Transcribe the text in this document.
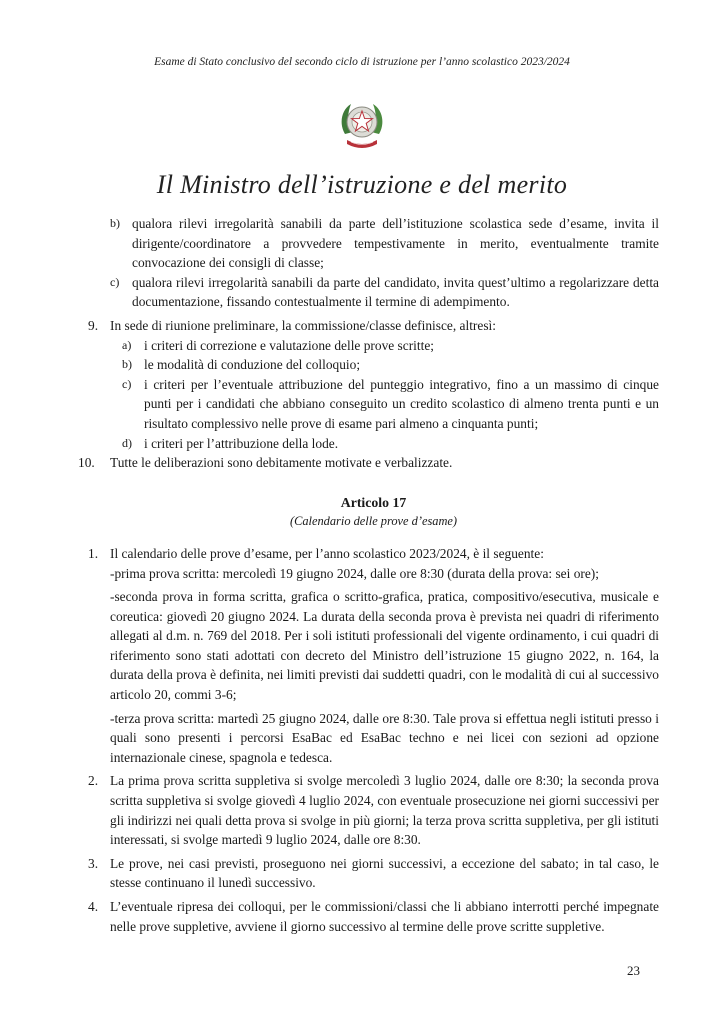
Esame di Stato conclusivo del secondo ciclo di istruzione per l’anno scolastico 2023/2024
Il Ministro dell’istruzione e del merito
b) qualora rilevi irregolarità sanabili da parte dell’istituzione scolastica sede d’esame, invita il dirigente/coordinatore a provvedere tempestivamente in merito, eventualmente tramite convocazione dei consigli di classe;
c) qualora rilevi irregolarità sanabili da parte del candidato, invita quest’ultimo a regolarizzare detta documentazione, fissando contestualmente il termine di adempimento.
9. In sede di riunione preliminare, la commissione/classe definisce, altresì:
a) i criteri di correzione e valutazione delle prove scritte;
b) le modalità di conduzione del colloquio;
c) i criteri per l’eventuale attribuzione del punteggio integrativo, fino a un massimo di cinque punti per i candidati che abbiano conseguito un credito scolastico di almeno trenta punti e un risultato complessivo nelle prove di esame pari almeno a cinquanta punti;
d) i criteri per l’attribuzione della lode.
10.	Tutte le deliberazioni sono debitamente motivate e verbalizzate.
Articolo 17
(Calendario delle prove d’esame)
1. Il calendario delle prove d’esame, per l’anno scolastico 2023/2024, è il seguente:
-prima prova scritta: mercoledì 19 giugno 2024, dalle ore 8:30 (durata della prova: sei ore);
-seconda prova in forma scritta, grafica o scritto-grafica, pratica, compositivo/esecutiva, musicale e coreutica: giovedì 20 giugno 2024. La durata della seconda prova è prevista nei quadri di riferimento allegati al d.m. n. 769 del 2018. Per i soli istituti professionali del vigente ordinamento, i cui quadri di riferimento sono stati adottati con decreto del Ministro dell’istruzione 15 giugno 2022, n. 164, la durata della prova è definita, nei limiti previsti dai suddetti quadri, con le modalità di cui al successivo articolo 20, commi 3-6;
-terza prova scritta: martedì 25 giugno 2024, dalle ore 8:30. Tale prova si effettua negli istituti presso i quali sono presenti i percorsi EsaBac ed EsaBac techno e nei licei con sezioni ad opzione internazionale cinese, spagnola e tedesca.
2. La prima prova scritta suppletiva si svolge mercoledì 3 luglio 2024, dalle ore 8:30; la seconda prova scritta suppletiva si svolge giovedì 4 luglio 2024, con eventuale prosecuzione nei giorni successivi per gli indirizzi nei quali detta prova si svolge in più giorni; la terza prova scritta suppletiva, per gli istituti interessati, si svolge martedì 9 luglio 2024, dalle ore 8:30.
3. Le prove, nei casi previsti, proseguono nei giorni successivi, a eccezione del sabato; in tal caso, le stesse continuano il lunedì successivo.
4. L’eventuale ripresa dei colloqui, per le commissioni/classi che li abbiano interrotti perché impegnate nelle prove suppletive, avviene il giorno successivo al termine delle prove scritte suppletive.
23
